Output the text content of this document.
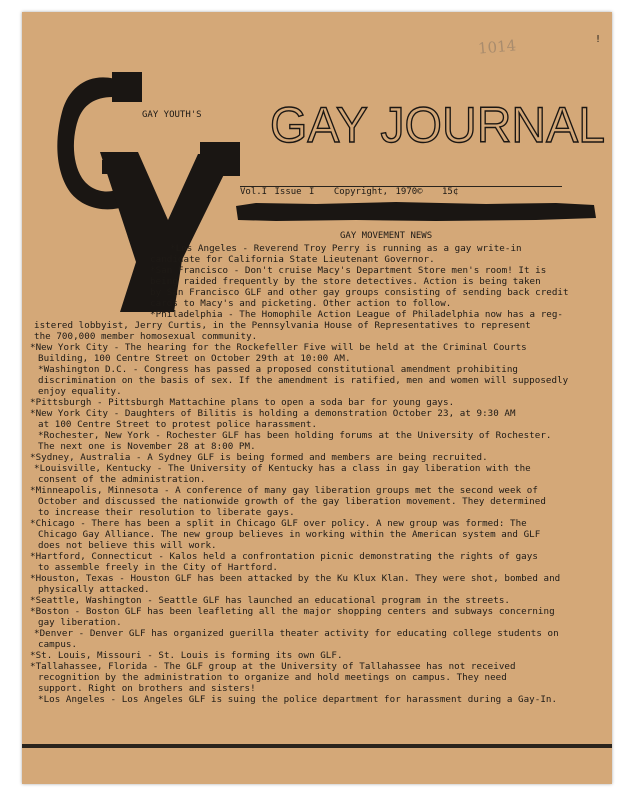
1014	!
GAY YOUTH'S GAY JOURNAL
Vol.I Issue I Copyright, 1970© 15¢
GAY MOVEMENT NEWS
*Los Angeles - Reverend Troy Perry is running as a gay write-in
candidate for California State Lieutenant Governor.
*San Francisco - Don't cruise Macy's Department Store men's room! It is
being raided frequently by the store detectives. Action is being taken
by San Francisco GLF and other gay groups consisting of sending back credit
cards to Macy's and picketing. Other action to follow.
*Philadelphia - The Homophile Action League of Philadelphia now has a reg-
istered lobbyist, Jerry Curtis, in the Pennsylvania House of Representatives to represent
the 700,000 member homosexual community.
*New York City - The hearing for the Rockefeller Five will be held at the Criminal Courts
Building, 100 Centre Street on October 29th at 10:00 AM.
*Washington D.C. - Congress has passed a proposed constitutional amendment prohibiting
discrimination on the basis of sex. If the amendment is ratified, men and women will supposedly
enjoy equality.
*Pittsburgh - Pittsburgh Mattachine plans to open a soda bar for young gays.
*New York City - Daughters of Bilitis is holding a demonstration October 23, at 9:30 AM
at 100 Centre Street to protest police harassment.
*Rochester, New York - Rochester GLF has been holding forums at the University of Rochester.
The next one is November 28 at 8:00 PM.
*Sydney, Australia - A Sydney GLF is being formed and members are being recruited.
*Louisville, Kentucky - The University of Kentucky has a class in gay liberation with the
consent of the administration.
*Minneapolis, Minnesota - A conference of many gay liberation groups met the second week of
October and discussed the nationwide growth of the gay liberation movement. They determined
to increase their resolution to liberate gays.
*Chicago - There has been a split in Chicago GLF over policy. A new group was formed: The
Chicago Gay Alliance. The new group believes in working within the American system and GLF
does not believe this will work.
*Hartford, Connecticut - Kalos held a confrontation picnic demonstrating the rights of gays
to assemble freely in the City of Hartford.
*Houston, Texas - Houston GLF has been attacked by the Ku Klux Klan. They were shot, bombed and
physically attacked.
*Seattle, Washington - Seattle GLF has launched an educational program in the streets.
*Boston - Boston GLF has been leafleting all the major shopping centers and subways concerning
gay liberation.
*Denver - Denver GLF has organized guerilla theater activity for educating college students on
campus.
*St. Louis, Missouri - St. Louis is forming its own GLF.
*Tallahassee, Florida - The GLF group at the University of Tallahassee has not received
recognition by the administration to organize and hold meetings on campus. They need
support. Right on brothers and sisters!
*Los Angeles - Los Angeles GLF is suing the police department for harassment during a Gay-In.
